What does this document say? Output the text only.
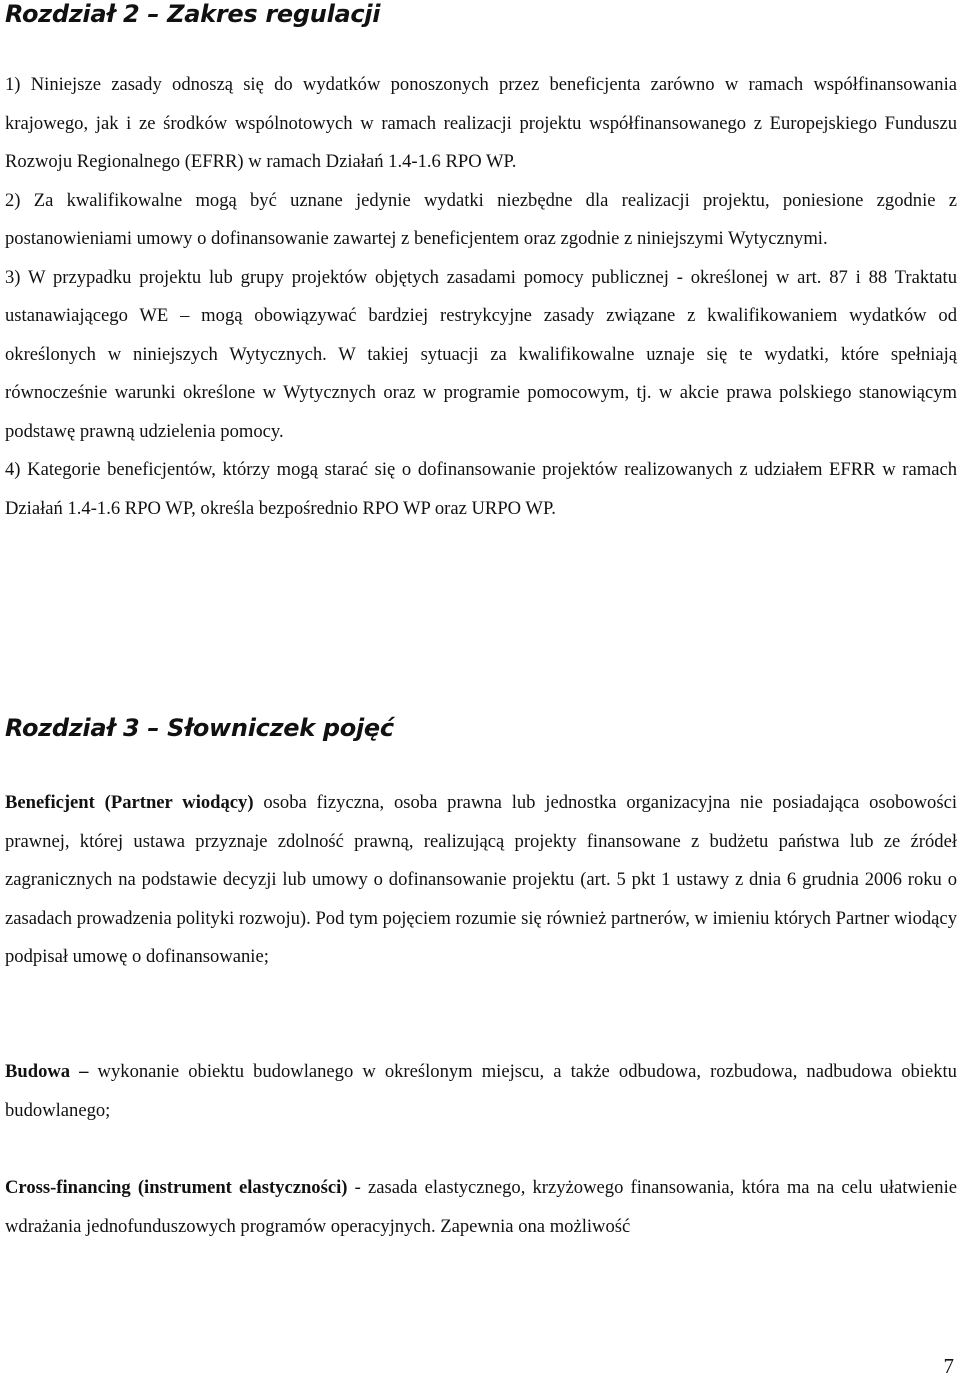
Rozdział 2 – Zakres regulacji

1) Niniejsze zasady odnoszą się do wydatków ponoszonych przez beneficjenta zarówno w ramach współfinansowania krajowego, jak i ze środków wspólnotowych w ramach realizacji projektu współfinansowanego z Europejskiego Funduszu Rozwoju Regionalnego (EFRR) w ramach Działań 1.4-1.6 RPO WP.

2) Za kwalifikowalne mogą być uznane jedynie wydatki niezbędne dla realizacji projektu, poniesione zgodnie z postanowieniami umowy o dofinansowanie zawartej z beneficjentem oraz zgodnie z niniejszymi Wytycznymi.

3) W przypadku projektu lub grupy projektów objętych zasadami pomocy publicznej - określonej w art. 87 i 88 Traktatu ustanawiającego WE – mogą obowiązywać bardziej restrykcyjne zasady związane z kwalifikowaniem wydatków od określonych w niniejszych Wytycznych. W takiej sytuacji za kwalifikowalne uznaje się te wydatki, które spełniają równocześnie warunki określone w Wytycznych oraz w programie pomocowym, tj. w akcie prawa polskiego stanowiącym podstawę prawną udzielenia pomocy.

4) Kategorie beneficjentów, którzy mogą starać się o dofinansowanie projektów realizowanych z udziałem EFRR w ramach Działań 1.4-1.6 RPO WP, określa bezpośrednio RPO WP oraz URPO WP.

Rozdział 3 – Słowniczek pojęć

Beneficjent (Partner wiodący) osoba fizyczna, osoba prawna lub jednostka organizacyjna nie posiadająca osobowości prawnej, której ustawa przyznaje zdolność prawną, realizującą projekty finansowane z budżetu państwa lub ze źródeł zagranicznych na podstawie decyzji lub umowy o dofinansowanie projektu (art. 5 pkt 1 ustawy z dnia 6 grudnia 2006 roku o zasadach prowadzenia polityki rozwoju). Pod tym pojęciem rozumie się również partnerów, w imieniu których Partner wiodący podpisał umowę o dofinansowanie;

Budowa – wykonanie obiektu budowlanego w określonym miejscu, a także odbudowa, rozbudowa, nadbudowa obiektu budowlanego;

Cross-financing (instrument elastyczności) - zasada elastycznego, krzyżowego finansowania, która ma na celu ułatwienie wdrażania jednofunduszowych programów operacyjnych. Zapewnia ona możliwość

7
